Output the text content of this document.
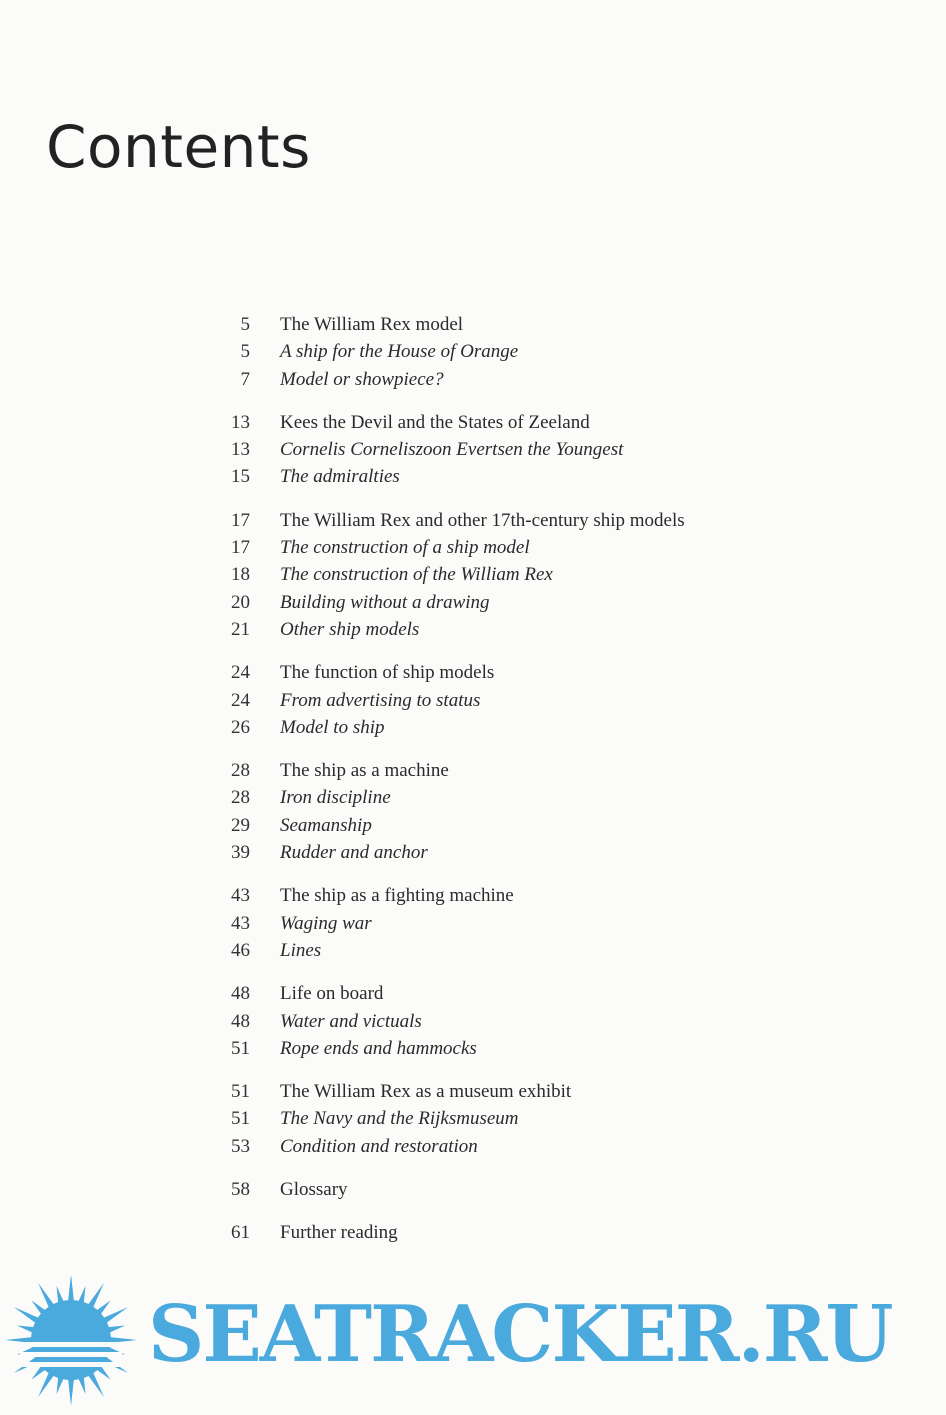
Contents
5	The William Rex model
5	A ship for the House of Orange
7	Model or showpiece?
13	Kees the Devil and the States of Zeeland
13	Cornelis Corneliszoon Evertsen the Youngest
15	The admiralties
17	The William Rex and other 17th-century ship models
17	The construction of a ship model
18	The construction of the William Rex
20	Building without a drawing
21	Other ship models
24	The function of ship models
24	From advertising to status
26	Model to ship
28	The ship as a machine
28	Iron discipline
29	Seamanship
39	Rudder and anchor
43	The ship as a fighting machine
43	Waging war
46	Lines
48	Life on board
48	Water and victuals
51	Rope ends and hammocks
51	The William Rex as a museum exhibit
51	The Navy and the Rijksmuseum
53	Condition and restoration
58	Glossary
61	Further reading
SEATRACKER.RU
